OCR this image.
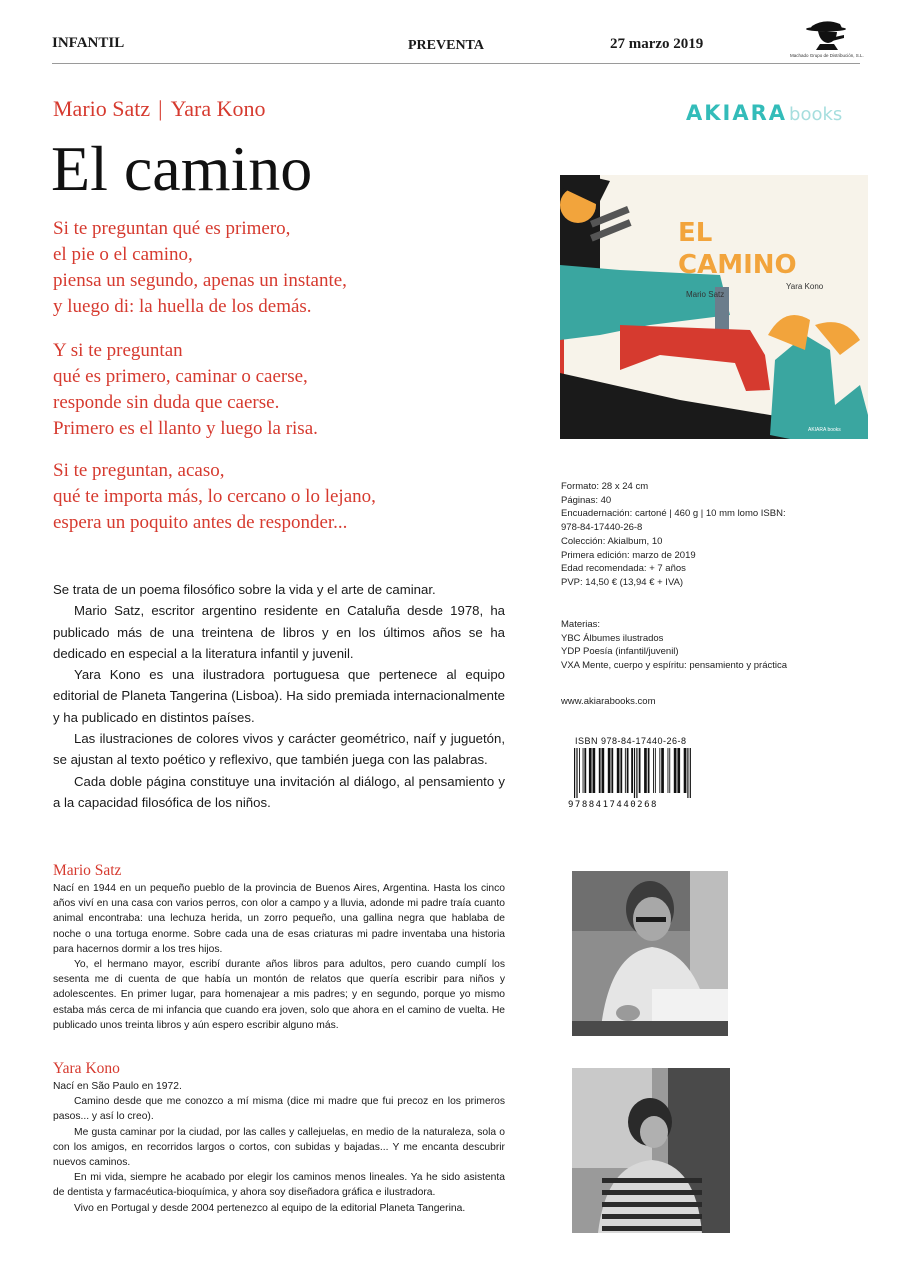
INFANTIL	PREVENTA	27 marzo 2019
Machado Grupo de Distribución, S.L.
Mario Satz | Yara Kono
El camino
Si te preguntan qué es primero,
el pie o el camino,
piensa un segundo, apenas un instante,
y luego di: la huella de los demás.
Y si te preguntan
qué es primero, caminar o caerse,
responde sin duda que caerse.
Primero es el llanto y luego la risa.
Si te preguntan, acaso,
qué te importa más, lo cercano o lo lejano,
espera un poquito antes de responder...
AKIARA books
EL
CAMINO
Mario Satz
Yara Kono
AKIARA books
Formato: 28 x 24 cm
Páginas: 40
Encuadernación: cartoné | 460 g | 10 mm lomo ISBN:
978-84-17440-26-8
Colección: Akialbum, 10
Primera edición: marzo de 2019
Edad recomendada: + 7 años
PVP: 14,50 € (13,94 € + IVA)
Materias:
YBC Álbumes ilustrados
YDP Poesía (infantil/juvenil)
VXA Mente, cuerpo y espíritu: pensamiento y práctica
www.akiarabooks.com
ISBN 978-84-17440-26-8
9788417440268

Se trata de un poema filosófico sobre la vida y el arte de caminar.

Mario Satz, escritor argentino residente en Cataluña desde 1978, ha publicado más de una treintena de libros y en los últimos años se ha dedicado en especial a la literatura infantil y juvenil.

Yara Kono es una ilustradora portuguesa que pertenece al equipo editorial de Planeta Tangerina (Lisboa). Ha sido premiada internacionalmente y ha publicado en distintos países.

Las ilustraciones de colores vivos y carácter geométrico, naíf y juguetón, se ajustan al texto poético y reflexivo, que también juega con las palabras.

Cada doble página constituye una invitación al diálogo, al pensamiento y a la capacidad filosófica de los niños.

Mario Satz

Nací en 1944 en un pequeño pueblo de la provincia de Buenos Aires, Argentina. Hasta los cinco años viví en una casa con varios perros, con olor a campo y a lluvia, adonde mi padre traía cuanto animal encontraba: una lechuza herida, un zorro pequeño, una gallina negra que hablaba de noche o una tortuga enorme. Sobre cada una de esas criaturas mi padre inventaba una historia para hacernos dormir a los tres hijos.

Yo, el hermano mayor, escribí durante años libros para adultos, pero cuando cumplí los sesenta me di cuenta de que había un montón de relatos que quería escribir para niños y adolescentes. En primer lugar, para homenajear a mis padres; y en segundo, porque yo mismo estaba más cerca de mi infancia que cuando era joven, solo que ahora en el camino de vuelta. He publicado unos treinta libros y aún espero escribir alguno más.

Yara Kono

Nací en São Paulo en 1972.

Camino desde que me conozco a mí misma (dice mi madre que fui precoz en los primeros pasos... y así lo creo).

Me gusta caminar por la ciudad, por las calles y callejuelas, en medio de la naturaleza, sola o con los amigos, en recorridos largos o cortos, con subidas y bajadas... Y me encanta descubrir nuevos caminos.

En mi vida, siempre he acabado por elegir los caminos menos lineales. Ya he sido asistenta de dentista y farmacéutica-bioquímica, y ahora soy diseñadora gráfica e ilustradora.

Vivo en Portugal y desde 2004 pertenezco al equipo de la editorial Planeta Tangerina.
